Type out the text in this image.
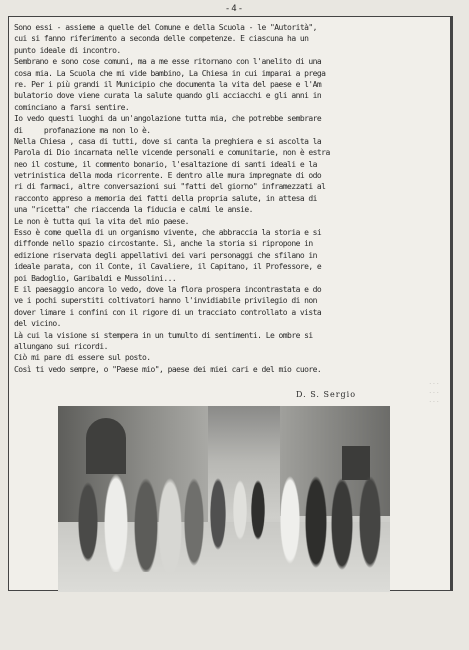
-4-
Sono essi - assieme a quelle del Comune e della Scuola - le "Autorità",
cui si fanno riferimento a seconda delle competenze. E ciascuna ha un
punto ideale di incontro.
Sembrano e sono cose comuni, ma a me esse ritornano con l'anelito di una
cosa mia. La Scuola che mi vide bambino, La Chiesa in cui imparai a prega
re. Per i più grandi il Municipio che documenta la vita del paese e l'Am
bulatorio dove viene curata la salute quando gli acciacchi e gli anni in
cominciano a farsi sentire.
Io vedo questi luoghi da un'angolazione tutta mia, che potrebbe sembrare
di     profanazione ma non lo è.
Nella Chiesa , casa di tutti, dove si canta la preghiera e si ascolta la
Parola di Dio incarnata nelle vicende personali e comunitarie, non è estra
neo il costume, il commento bonario, l'esaltazione di santi ideali e la
vetrinistica della moda ricorrente. E dentro alle mura impregnate di odo
ri di farmaci, altre conversazioni sui "fatti del giorno" inframezzati al
racconto appreso a memoria dei fatti della propria salute, in attesa di
una "ricetta" che riaccenda la fiducia e calmi le ansie.
Le non è tutta qui la vita del mio paese.
Esso è come quella di un organismo vivente, che abbraccia la storia e si
diffonde nello spazio circostante. Sì, anche la storia si ripropone in
edizione riservata degli appellativi dei vari personaggi che sfilano in
ideale parata, con il Conte, il Cavaliere, il Capitano, il Professore, e
poi Badoglio, Garibaldi e Mussolini...
E il paesaggio ancora lo vedo, dove la flora prospera incontrastata e do
ve i pochi superstiti coltivatori hanno l'invidiabile privilegio di non
dover limare i confini con il rigore di un tracciato controllato a vista
del vicino.
Là cui la visione si stempera in un tumulto di sentimenti. Le ombre si
allungano sui ricordi.
Ciò mi pare di essere sul posto.
Così ti vedo sempre, o "Paese mio", paese dei miei cari e del mio cuore.
· · ·
· · ·
· · ·
D. S. Sergio
